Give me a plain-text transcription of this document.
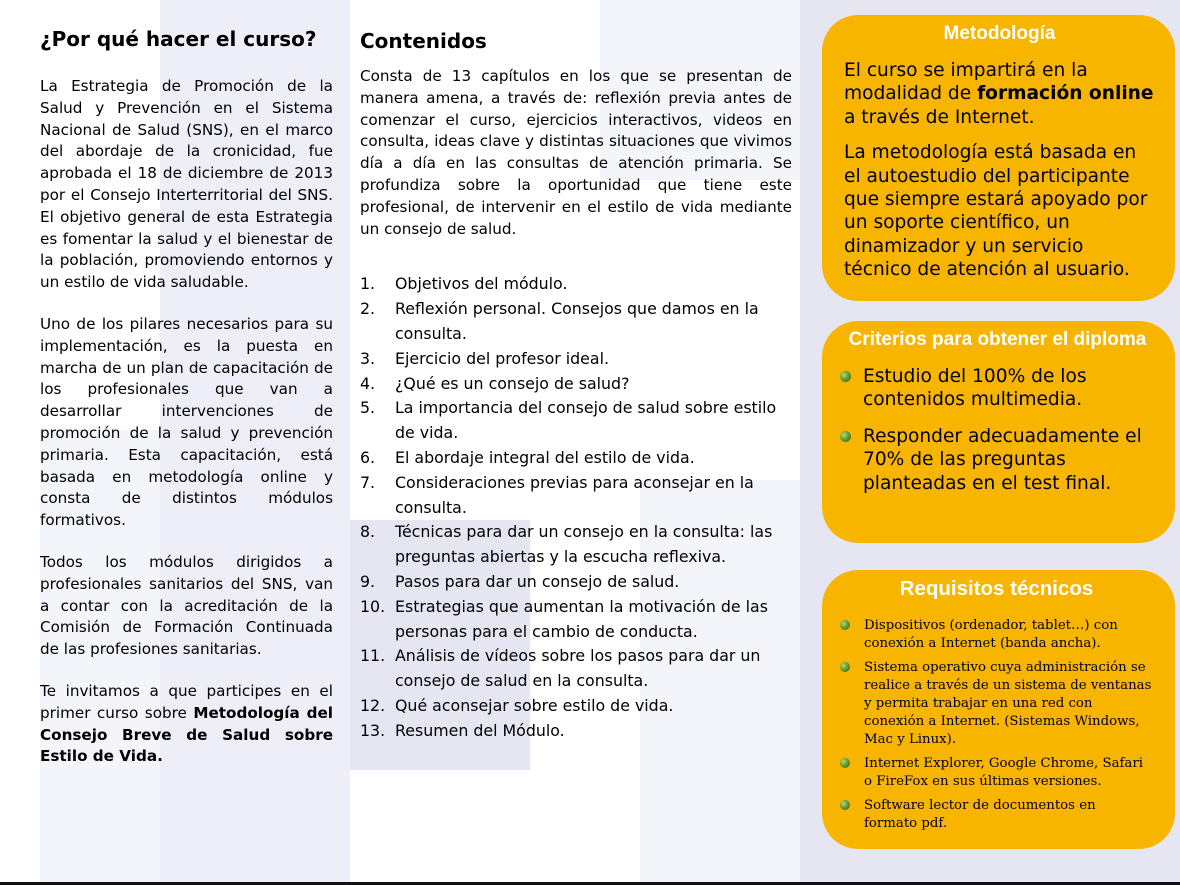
¿Por qué hacer el curso?

La Estrategia de Promoción de la Salud y Prevención en el Sistema Nacional de Salud (SNS), en el marco del abordaje de la cronicidad, fue aprobada el 18 de diciembre de 2013 por el Consejo Interterritorial del SNS. El objetivo general de esta Estrategia es fomentar la salud y el bienestar de la población, promoviendo entornos y un estilo de vida saludable.

Uno de los pilares necesarios para su implementación, es la puesta en marcha de un plan de capacitación de los profesionales que van a desarrollar intervenciones de promoción de la salud y prevención primaria. Esta capacitación, está basada en metodología online y consta de distintos módulos formativos.

Todos los módulos dirigidos a profesionales sanitarios del SNS, van a contar con la acreditación de la Comisión de Formación Continuada de las profesiones sanitarias.

Te invitamos a que participes en el primer curso sobre Metodología del Consejo Breve de Salud sobre Estilo de Vida.

Contenidos

Consta de 13 capítulos en los que se presentan de manera amena, a través de: reflexión previa antes de comenzar el curso, ejercicios interactivos, videos en consulta, ideas clave y distintas situaciones que vivimos día a día en las consultas de atención primaria. Se profundiza sobre la oportunidad que tiene este profesional, de intervenir en el estilo de vida mediante un consejo de salud.

1.	Objetivos del módulo.
2.	Reflexión personal. Consejos que damos en la consulta.
3.	Ejercicio del profesor ideal.
4.	¿Qué es un consejo de salud?
5.	La importancia del consejo de salud sobre estilo de vida.
6.	El abordaje integral del estilo de vida.
7.	Consideraciones previas para aconsejar en la consulta.
8.	Técnicas para dar un consejo en la consulta: las preguntas abiertas y la escucha reflexiva.
9.	Pasos para dar un consejo de salud.
10. Estrategias que aumentan la motivación de las personas para el cambio de conducta.
11. Análisis de vídeos sobre los pasos para dar un consejo de salud en la consulta.
12. Qué aconsejar sobre estilo de vida.
13. Resumen del Módulo.
Metodología

El curso se impartirá en la modalidad de formación online a través de Internet.

La metodología está basada en el autoestudio del participante que siempre estará apoyado por un soporte científico, un dinamizador y un servicio técnico de atención al usuario.

Criterios para obtener el diploma
Estudio del 100% de los contenidos multimedia.
Responder adecuadamente el 70% de las preguntas planteadas en el test final.
Requisitos técnicos
Dispositivos (ordenador, tablet…) con conexión a Internet (banda ancha).
Sistema operativo cuya administración se realice a través de un sistema de ventanas y permita trabajar en una red con conexión a Internet. (Sistemas Windows, Mac y Linux).
Internet Explorer, Google Chrome, Safari o FireFox en sus últimas versiones.
Software lector de documentos en formato pdf.
